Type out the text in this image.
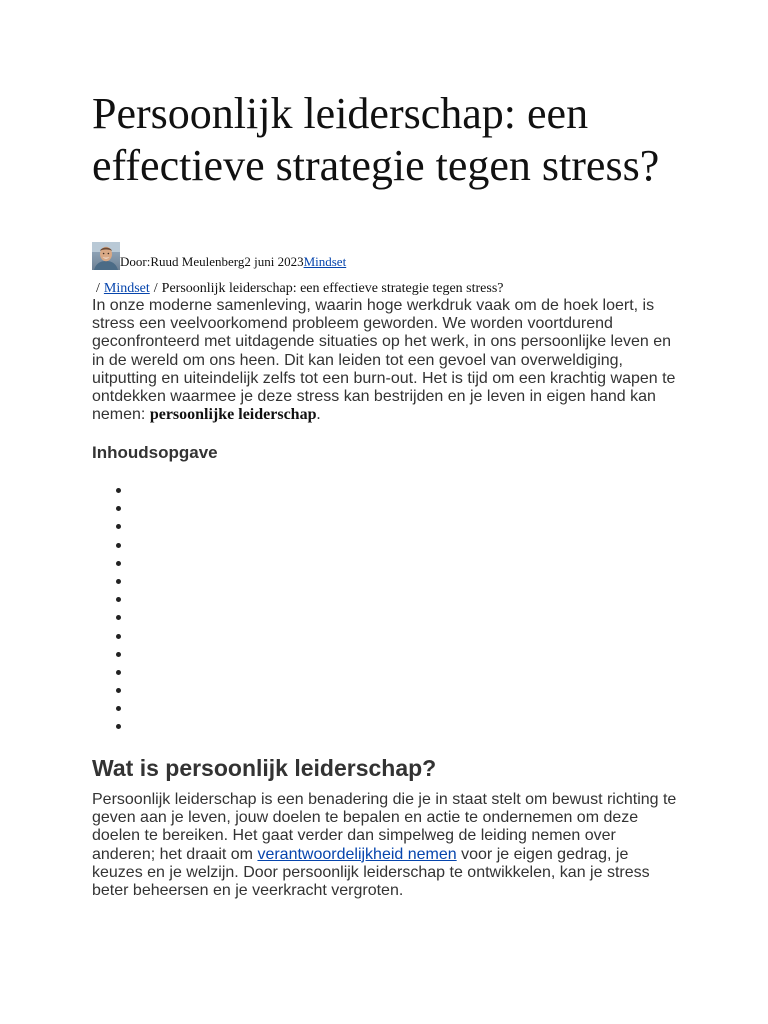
Persoonlijk leiderschap: een effectieve strategie tegen stress?
Door: Ruud Meulenberg 2 juni 2023 Mindset
/ Mindset / Persoonlijk leiderschap: een effectieve strategie tegen stress?

In onze moderne samenleving, waarin hoge werkdruk vaak om de hoek loert, is stress een veelvoorkomend probleem geworden. We worden voortdurend geconfronteerd met uitdagende situaties op het werk, in ons persoonlijke leven en in de wereld om ons heen. Dit kan leiden tot een gevoel van overweldiging, uitputting en uiteindelijk zelfs tot een burn-out. Het is tijd om een krachtig wapen te ontdekken waarmee je deze stress kan bestrijden en je leven in eigen hand kan nemen: persoonlijke leiderschap.

Inhoudsopgave
Wat is persoonlijk leiderschap?

Persoonlijk leiderschap is een benadering die je in staat stelt om bewust richting te geven aan je leven, jouw doelen te bepalen en actie te ondernemen om deze doelen te bereiken. Het gaat verder dan simpelweg de leiding nemen over anderen; het draait om verantwoordelijkheid nemen voor je eigen gedrag, je keuzes en je welzijn. Door persoonlijk leiderschap te ontwikkelen, kan je stress beter beheersen en je veerkracht vergroten.
